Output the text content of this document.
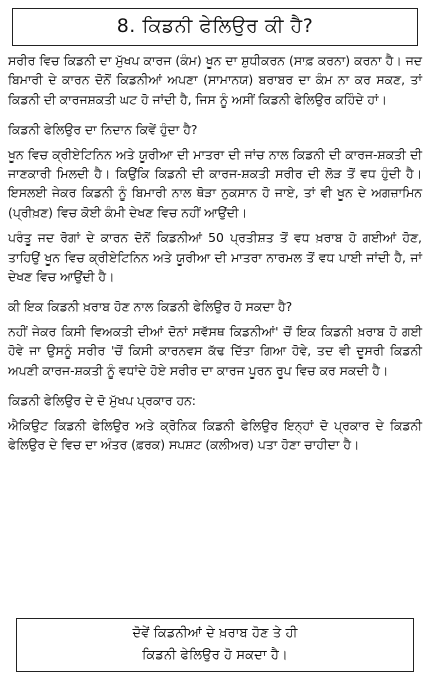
8. ਕਿਡਨੀ ਫੇਲਿਉਰ ਕੀ ਹੈ?

ਸਰੀਰ ਵਿਚ ਕਿਡਨੀ ਦਾ ਮੁੱਖਪ ਕਾਰਜ (ਕੰਮ) ਖੂਨ ਦਾ ਸ਼ੁਧੀਕਰਨ (ਸਾਫ਼ ਕਰਨਾ) ਕਰਨਾ ਹੈ। ਜਦ ਬਿਮਾਰੀ ਦੇ ਕਾਰਨ ਦੋਨੋਂ ਕਿਡਨੀਆਂ ਅਪਣਾ (ਸਾਮਾਨਯ) ਬਰਾਬਰ ਦਾ ਕੰਮ ਨਾ ਕਰ ਸਕਣ, ਤਾਂ ਕਿਡਨੀ ਦੀ ਕਾਰਜਸ਼ਕਤੀ ਘਟ ਹੋ ਜਾਂਦੀ ਹੈ, ਜਿਸ ਨੂੰ ਅਸੀਂ ਕਿਡਨੀ ਫੇਲਿਉਰ ਕਹਿੰਦੇ ਹਾਂ।

ਕਿਡਨੀ ਫੇਲਿਉਰ ਦਾ ਨਿਦਾਨ ਕਿਵੇਂ ਹੁੰਦਾ ਹੈ?

ਖੂਨ ਵਿਚ ਕ੍ਰੀਏਟਿਨਿਨ ਅਤੇ ਯੂਰੀਆ ਦੀ ਮਾਤਰਾ ਦੀ ਜਾਂਚ ਨਾਲ ਕਿਡਨੀ ਦੀ ਕਾਰਜ-ਸ਼ਕਤੀ ਦੀ ਜਾਣਕਾਰੀ ਮਿਲਦੀ ਹੈ। ਕਿਉਂਕਿ ਕਿਡਨੀ ਦੀ ਕਾਰਜ-ਸ਼ਕਤੀ ਸਰੀਰ ਦੀ ਲੋੜ ਤੋਂ ਵਧ ਹੁੰਦੀ ਹੈ। ਇਸਲਈ ਜੇਕਰ ਕਿਡਨੀ ਨੂੰ ਬਿਮਾਰੀ ਨਾਲ ਥੋੜਾ ਨੁਕਸਾਨ ਹੋ ਜਾਏ, ਤਾਂ ਵੀ ਖੂਨ ਦੇ ਅਗਜ਼ਾਮਿਨ (ਪ੍ਰੀਖ਼ਣ) ਵਿਚ ਕੋਈ ਕੰਮੀ ਦੇਖਣ ਵਿਚ ਨਹੀਂ ਆਉਂਦੀ।

ਪਰੰਤੂ ਜਦ ਰੋਗਾਂ ਦੇ ਕਾਰਨ ਦੋਨੋਂ ਕਿਡਨੀਆਂ 50 ਪ੍ਰਤੀਸ਼ਤ ਤੋਂ ਵਧ ਖ਼ਰਾਬ ਹੋ ਗਈਆਂ ਹੋਣ, ਤਾਹਿਉਂ ਖੂਨ ਵਿਚ ਕ੍ਰੀਏਟਿਨਿਨ ਅਤੇ ਯੂਰੀਆ ਦੀ ਮਾਤਰਾ ਨਾਰਮਲ ਤੋਂ ਵਧ ਪਾਈ ਜਾਂਦੀ ਹੈ, ਜਾਂ ਦੇਖਣ ਵਿਚ ਆਉਂਦੀ ਹੈ।

ਕੀ ਇਕ ਕਿਡਨੀ ਖ਼ਰਾਬ ਹੋਣ ਨਾਲ ਕਿਡਨੀ ਫੇਲਿਉਰ ਹੋ ਸਕਦਾ ਹੈ?

ਨਹੀਂ ਜੇਕਰ ਕਿਸੀ ਵਿਅਕਤੀ ਦੀਆਂ ਦੋਨਾਂ ਸਵੱਸਥ ਕਿਡਨੀਆਂ' ਚੋਂ ਇਕ ਕਿਡਨੀ ਖ਼ਰਾਬ ਹੋ ਗਈ ਹੋਵੇ ਜਾ ਉਸਨੂੰ ਸਰੀਰ 'ਚੋਂ ਕਿਸੀ ਕਾਰਨਵਸ ਕੱਢ ਦਿੱਤਾ ਗਿਆ ਹੋਵੇ, ਤਦ ਵੀ ਦੂਸਰੀ ਕਿਡਨੀ ਅਪਣੀ ਕਾਰਜ-ਸ਼ਕਤੀ ਨੂੰ ਵਧਾਂਦੇ ਹੋਏ ਸਰੀਰ ਦਾ ਕਾਰਜ ਪੂਰਨ ਰੂਪ ਵਿਚ ਕਰ ਸਕਦੀ ਹੈ।

ਕਿਡਨੀ ਫੇਲਿਉਰ ਦੇ ਦੋ ਮੁੱਖਪ ਪ੍ਰਕਾਰ ਹਨ:

ਐਕਿਉਟ ਕਿਡਨੀ ਫੇਲਿਉਰ ਅਤੇ ਕ੍ਰੋਨਿਕ ਕਿਡਨੀ ਫੇਲਿਉਰ ਇਨ੍ਹਾਂ ਦੋ ਪ੍ਰਕਾਰ ਦੇ ਕਿਡਨੀ ਫੇਲਿਉਰ ਦੇ ਵਿਚ ਦਾ ਅੰਤਰ (ਫ਼ਰਕ) ਸਪਸ਼ਟ (ਕਲੀਅਰ) ਪਤਾ ਹੋਣਾ ਚਾਹੀਦਾ ਹੈ।

ਦੋਵੇਂ ਕਿਡਨੀਆਂ ਦੇ ਖ਼ਰਾਬ ਹੋਣ ਤੇ ਹੀ
ਕਿਡਨੀ ਫੇਲਿਉਰ ਹੋ ਸਕਦਾ ਹੈ।
